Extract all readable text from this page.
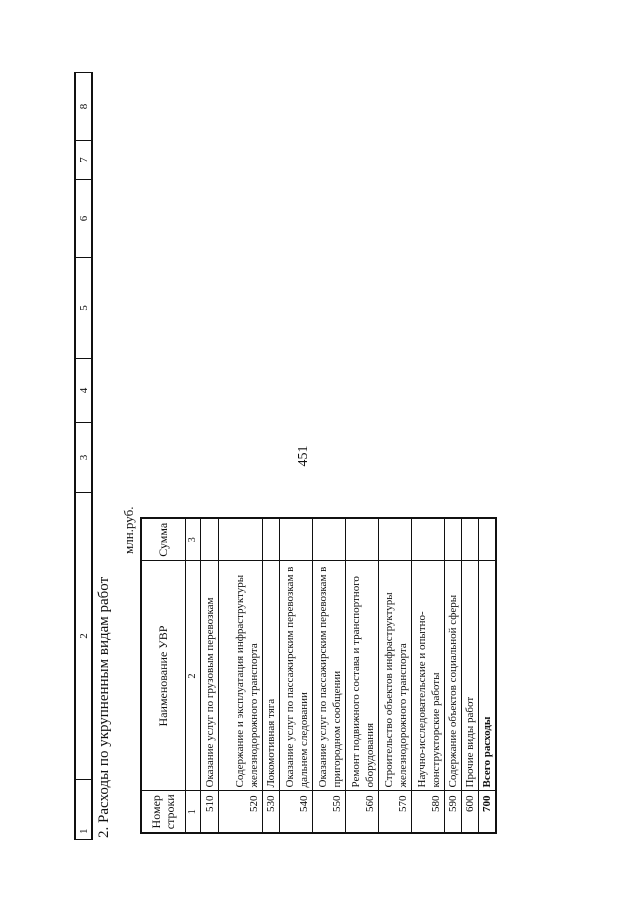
451
1	2	3	4	5	6	7	8
2. Расходы по укрупненным видам работ
млн.руб.
Номер строки	Наименование УВР	Сумма
1	2	3
510	Оказание услуг по грузовым перевозкам	
520	Содержание и эксплуатация инфраструктуры железнодорожного транспорта	
530	Локомотивная тяга	
540	Оказание услуг по пассажирским перевозкам в дальнем следовании	
550	Оказание услуг по пассажирским перевозкам в пригородном сообщении	
560	Ремонт подвижного состава и транспортного оборудования	
570	Строительство объектов инфраструктуры железнодорожного транспорта	
580	Научно-исследовательские и опытно-конструкторские работы	
590	Содержание объектов социальной сферы	
600	Прочие виды работ	
700	Всего расходы	
